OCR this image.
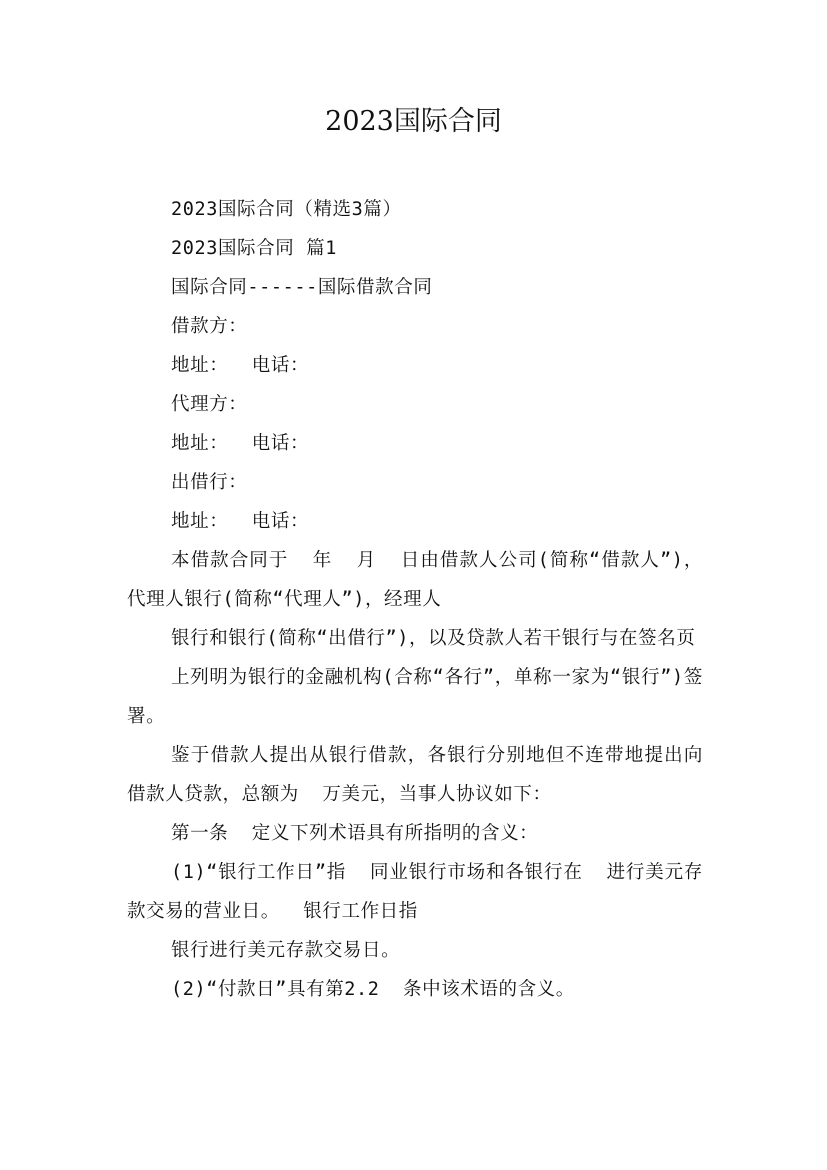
2023国际合同

2023国际合同（精选3篇）

2023国际合同 篇1

国际合同------国际借款合同

借款方：

地址：  电话：

代理方：

地址：  电话：

出借行：

地址：  电话：

本借款合同于  年  月  日由借款人公司(简称“借款人”)，代理人银行(简称“代理人”)，经理人

银行和银行(简称“出借行”)，以及贷款人若干银行与在签名页

上列明为银行的金融机构(合称“各行”，单称一家为“银行”)签署。

鉴于借款人提出从银行借款，各银行分别地但不连带地提出向借款人贷款，总额为  万美元，当事人协议如下：

第一条  定义下列术语具有所指明的含义：

(1)“银行工作日”指  同业银行市场和各银行在  进行美元存款交易的营业日。  银行工作日指

银行进行美元存款交易日。

(2)“付款日”具有第2.2  条中该术语的含义。
